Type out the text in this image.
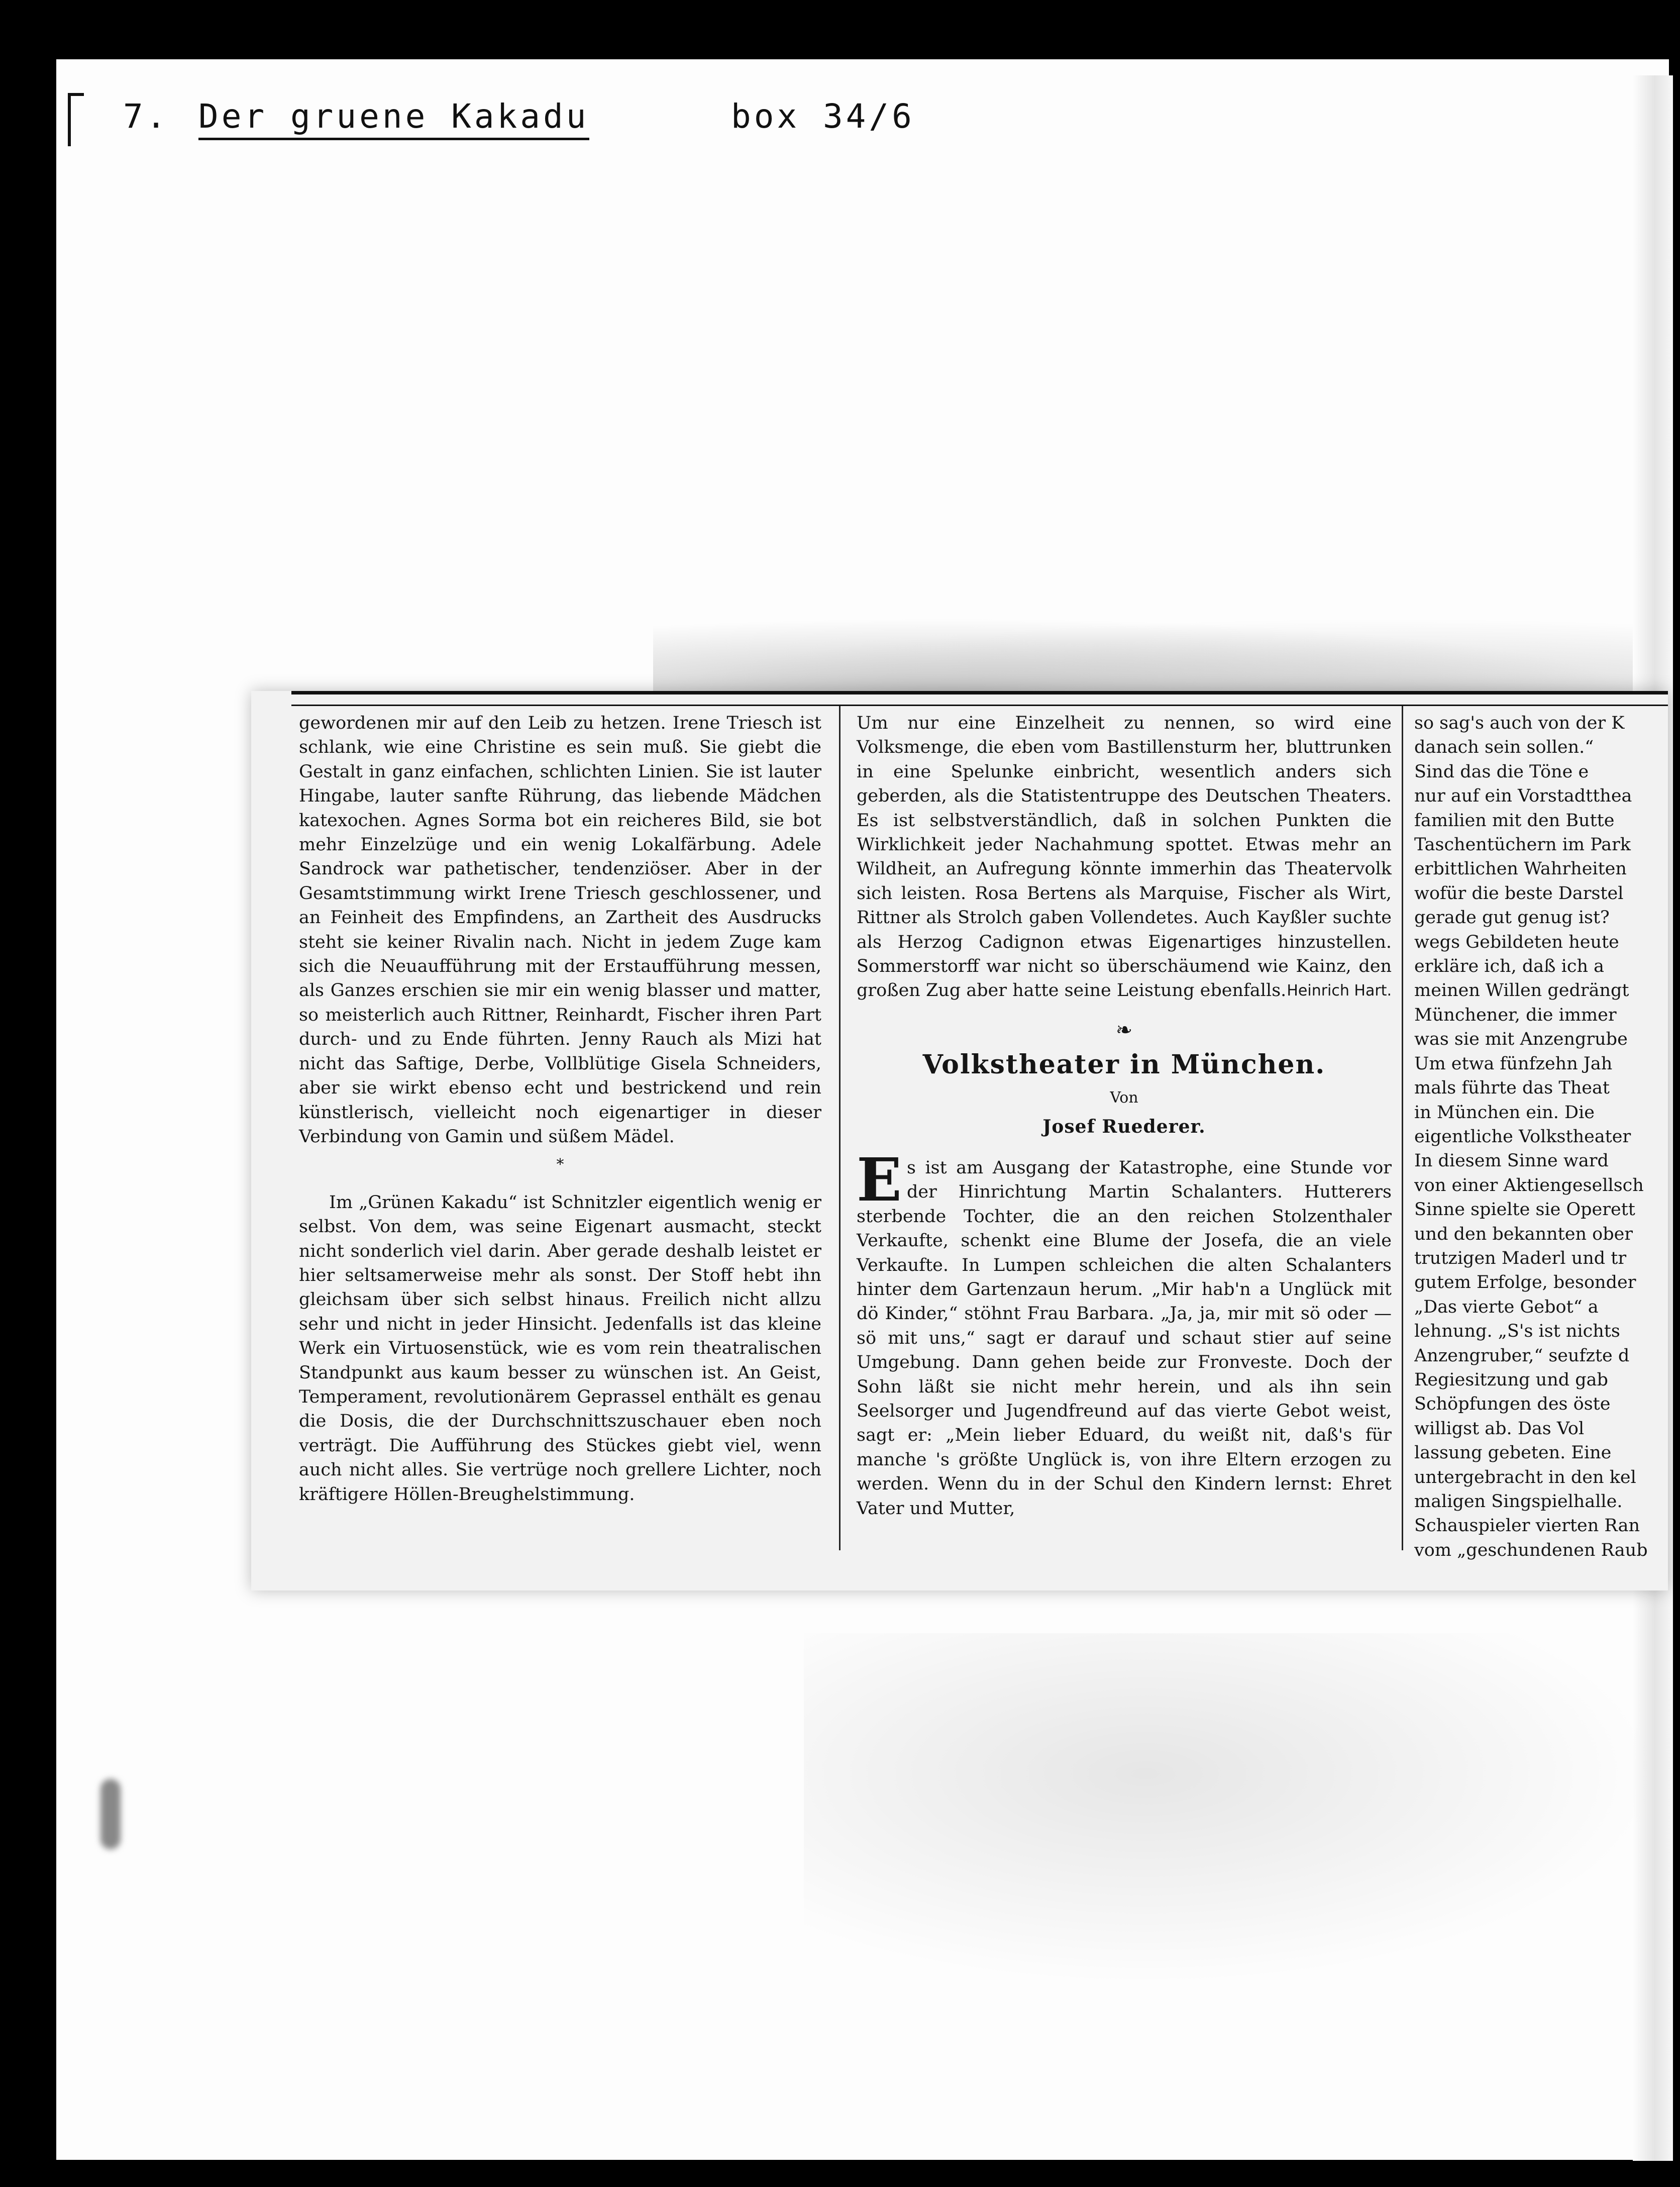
7. Der gruene Kakadu	box 34/6

gewordenen mir auf den Leib zu hetzen. Irene Triesch ist schlank, wie eine Christine es sein muß. Sie giebt die Gestalt in ganz einfachen, schlichten Linien. Sie ist lauter Hingabe, lauter sanfte Rührung, das liebende Mädchen katexochen. Agnes Sorma bot ein reicheres Bild, sie bot mehr Einzelzüge und ein wenig Lokalfärbung. Adele Sandrock war pathetischer, tendenziöser. Aber in der Gesamtstimmung wirkt Irene Triesch geschlossener, und an Feinheit des Empfindens, an Zartheit des Ausdrucks steht sie keiner Rivalin nach. Nicht in jedem Zuge kam sich die Neuaufführung mit der Erstaufführung messen, als Ganzes erschien sie mir ein wenig blasser und matter, so meisterlich auch Rittner, Reinhardt, Fischer ihren Part durch- und zu Ende führten. Jenny Rauch als Mizi hat nicht das Saftige, Derbe, Vollblütige Gisela Schneiders, aber sie wirkt ebenso echt und bestrickend und rein künstlerisch, vielleicht noch eigenartiger in dieser Verbindung von Gamin und süßem Mädel.

*

Im „Grünen Kakadu“ ist Schnitzler eigentlich wenig er selbst. Von dem, was seine Eigenart ausmacht, steckt nicht sonderlich viel darin. Aber gerade deshalb leistet er hier seltsamerweise mehr als sonst. Der Stoff hebt ihn gleichsam über sich selbst hinaus. Freilich nicht allzu sehr und nicht in jeder Hinsicht. Jedenfalls ist das kleine Werk ein Virtuosenstück, wie es vom rein theatralischen Standpunkt aus kaum besser zu wünschen ist. An Geist, Temperament, revolutionärem Geprassel enthält es genau die Dosis, die der Durchschnittszuschauer eben noch verträgt. Die Aufführung des Stückes giebt viel, wenn auch nicht alles. Sie vertrüge noch grellere Lichter, noch kräftigere Höllen-Breughelstimmung.

Um nur eine Einzelheit zu nennen, so wird eine Volksmenge, die eben vom Bastillensturm her, bluttrunken in eine Spelunke einbricht, wesentlich anders sich geberden, als die Statistentruppe des Deutschen Theaters. Es ist selbstverständlich, daß in solchen Punkten die Wirklichkeit jeder Nachahmung spottet. Etwas mehr an Wildheit, an Aufregung könnte immerhin das Theatervolk sich leisten. Rosa Bertens als Marquise, Fischer als Wirt, Rittner als Strolch gaben Vollendetes. Auch Kayßler suchte als Herzog Cadignon etwas Eigenartiges hinzustellen. Sommerstorff war nicht so überschäumend wie Kainz, den großen Zug aber hatte seine Leistung ebenfalls. Heinrich Hart.
❧
Volkstheater in München.
Von
Josef Ruederer.

Es ist am Ausgang der Katastrophe, eine Stunde vor der Hinrichtung Martin Schalanters. Hutterers sterbende Tochter, die an den reichen Stolzenthaler Verkaufte, schenkt eine Blume der Josefa, die an viele Verkaufte. In Lumpen schleichen die alten Schalanters hinter dem Gartenzaun herum. „Mir hab'n a Unglück mit dö Kinder,“ stöhnt Frau Barbara. „Ja, ja, mir mit sö oder — sö mit uns,“ sagt er darauf und schaut stier auf seine Umgebung. Dann gehen beide zur Fronveste. Doch der Sohn läßt sie nicht mehr herein, und als ihn sein Seelsorger und Jugendfreund auf das vierte Gebot weist, sagt er: „Mein lieber Eduard, du weißt nit, daß's für manche 's größte Unglück is, von ihre Eltern erzogen zu werden. Wenn du in der Schul den Kindern lernst: Ehret Vater und Mutter,

so sag's auch von der K
danach sein sollen.“
Sind das die Töne e
nur auf ein Vorstadtthea
familien mit den Butte
Taschentüchern im Park
erbittlichen Wahrheiten
wofür die beste Darstel
gerade gut genug ist?
wegs Gebildeten heute
erkläre ich, daß ich a
meinen Willen gedrängt
Münchener, die immer
was sie mit Anzengrube
Um etwa fünfzehn Jah
mals führte das Theat
in München ein. Die
eigentliche Volkstheater
In diesem Sinne ward
von einer Aktiengesellsch
Sinne spielte sie Operett
und den bekannten ober
trutzigen Maderl und tr
gutem Erfolge, besonder
„Das vierte Gebot“ a
lehnung. „S's ist nichts
Anzengruber,“ seufzte d
Regiesitzung und gab
Schöpfungen des öste
willigst ab. Das Vol
lassung gebeten. Eine
untergebracht in den kel
maligen Singspielhalle.
Schauspieler vierten Ran
vom „geschundenen Raub
